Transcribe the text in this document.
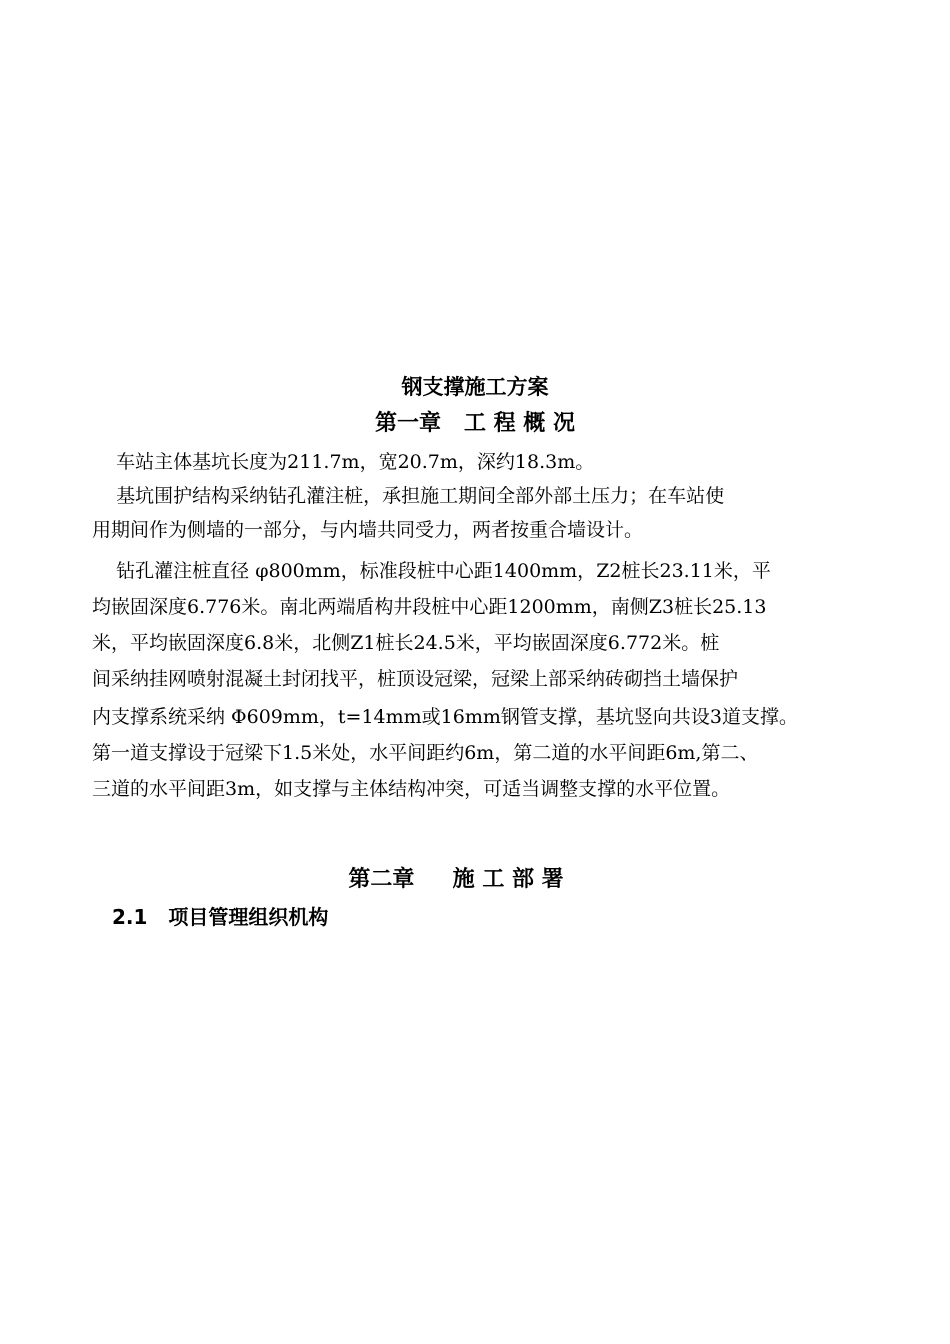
钢支撑施工方案
第一章   工 程 概 况
车站主体基坑长度为211.7m，宽20.7m，深约18.3m。
基坑围护结构采纳钻孔灌注桩，承担施工期间全部外部土压力；在车站使
用期间作为侧墙的一部分，与内墙共同受力，两者按重合墙设计。
钻孔灌注桩直径 φ800mm，标准段桩中心距1400mm，Z2桩长23.11米，平
均嵌固深度6.776米。南北两端盾构井段桩中心距1200mm，南侧Z3桩长25.13
米，平均嵌固深度6.8米，北侧Z1桩长24.5米，平均嵌固深度6.772米。桩
间采纳挂网喷射混凝土封闭找平，桩顶设冠梁，冠梁上部采纳砖砌挡土墙保护
内支撑系统采纳 Φ609mm，t=14mm或16mm钢管支撑，基坑竖向共设3道支撑。
第一道支撑设于冠梁下1.5米处，水平间距约6m，第二道的水平间距6m,第二、
三道的水平间距3m，如支撑与主体结构冲突，可适当调整支撑的水平位置。
第二章     施 工 部 署
2.1   项目管理组织机构
